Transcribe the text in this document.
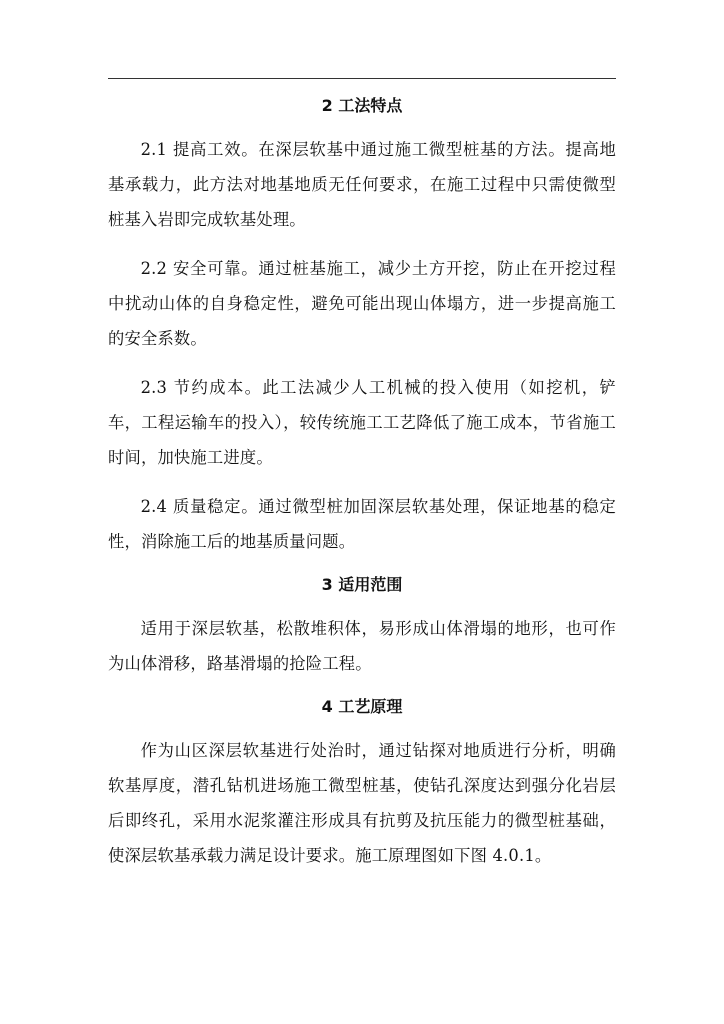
2 工法特点

2.1 提高工效。在深层软基中通过施工微型桩基的方法。提高地基承载力，此方法对地基地质无任何要求，在施工过程中只需使微型桩基入岩即完成软基处理。

2.2 安全可靠。通过桩基施工，减少土方开挖，防止在开挖过程中扰动山体的自身稳定性，避免可能出现山体塌方，进一步提高施工的安全系数。

2.3 节约成本。此工法减少人工机械的投入使用（如挖机，铲车，工程运输车的投入），较传统施工工艺降低了施工成本，节省施工时间，加快施工进度。

2.4 质量稳定。通过微型桩加固深层软基处理，保证地基的稳定性，消除施工后的地基质量问题。

3 适用范围

适用于深层软基，松散堆积体，易形成山体滑塌的地形，也可作为山体滑移，路基滑塌的抢险工程。

4 工艺原理

作为山区深层软基进行处治时，通过钻探对地质进行分析，明确软基厚度，潜孔钻机进场施工微型桩基，使钻孔深度达到强分化岩层后即终孔，采用水泥浆灌注形成具有抗剪及抗压能力的微型桩基础，使深层软基承载力满足设计要求。施工原理图如下图 4.0.1。
